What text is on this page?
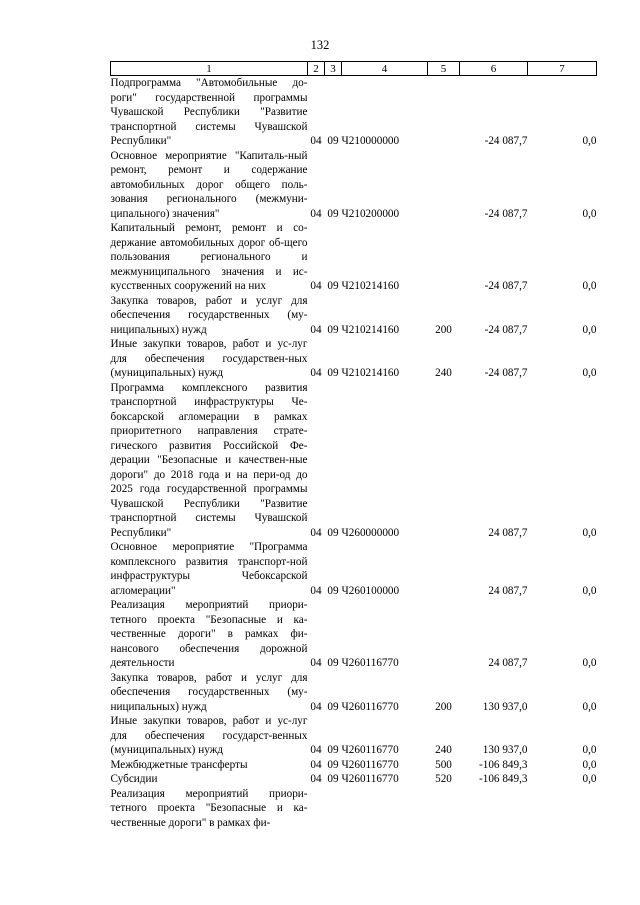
132
1	2	3	4	5	6	7
Подпрограмма "Автомобильные до-роги" государственной программы Чувашской Республики "Развитие транспортной системы Чувашской Республики"	04	09	Ч210000000		-24 087,7	0,0
Основное мероприятие "Капиталь-ный ремонт, ремонт и содержание автомобильных дорог общего поль-зования регионального (межмуни-ципального) значения"	04	09	Ч210200000		-24 087,7	0,0
Капитальный ремонт, ремонт и со-держание автомобильных дорог об-щего пользования регионального и межмуниципального значения и ис-кусственных сооружений на них	04	09	Ч210214160		-24 087,7	0,0
Закупка товаров, работ и услуг для обеспечения государственных (му-ниципальных) нужд	04	09	Ч210214160	200	-24 087,7	0,0
Иные закупки товаров, работ и ус-луг для обеспечения государствен-ных (муниципальных) нужд	04	09	Ч210214160	240	-24 087,7	0,0
Программа комплексного развития транспортной инфраструктуры Че-боксарской агломерации в рамках приоритетного направления страте-гического развития Российской Фе-дерации "Безопасные и качествен-ные дороги" до 2018 года и на пери-од до 2025 года государственной программы Чувашской Республики "Развитие транспортной системы Чувашской Республики"	04	09	Ч260000000		24 087,7	0,0
Основное мероприятие "Программа комплексного развития транспорт-ной инфраструктуры Чебоксарской агломерации"	04	09	Ч260100000		24 087,7	0,0
Реализация мероприятий приори-тетного проекта "Безопасные и ка-чественные дороги" в рамках фи-нансового обеспечения дорожной деятельности	04	09	Ч260116770		24 087,7	0,0
Закупка товаров, работ и услуг для обеспечения государственных (му-ниципальных) нужд	04	09	Ч260116770	200	130 937,0	0,0
Иные закупки товаров, работ и ус-луг для обеспечения государст-венных (муниципальных) нужд	04	09	Ч260116770	240	130 937,0	0,0
Межбюджетные трансферты	04	09	Ч260116770	500	-106 849,3	0,0
Субсидии	04	09	Ч260116770	520	-106 849,3	0,0
Реализация мероприятий приори-тетного проекта "Безопасные и ка-чественные дороги" в рамках фи-						
